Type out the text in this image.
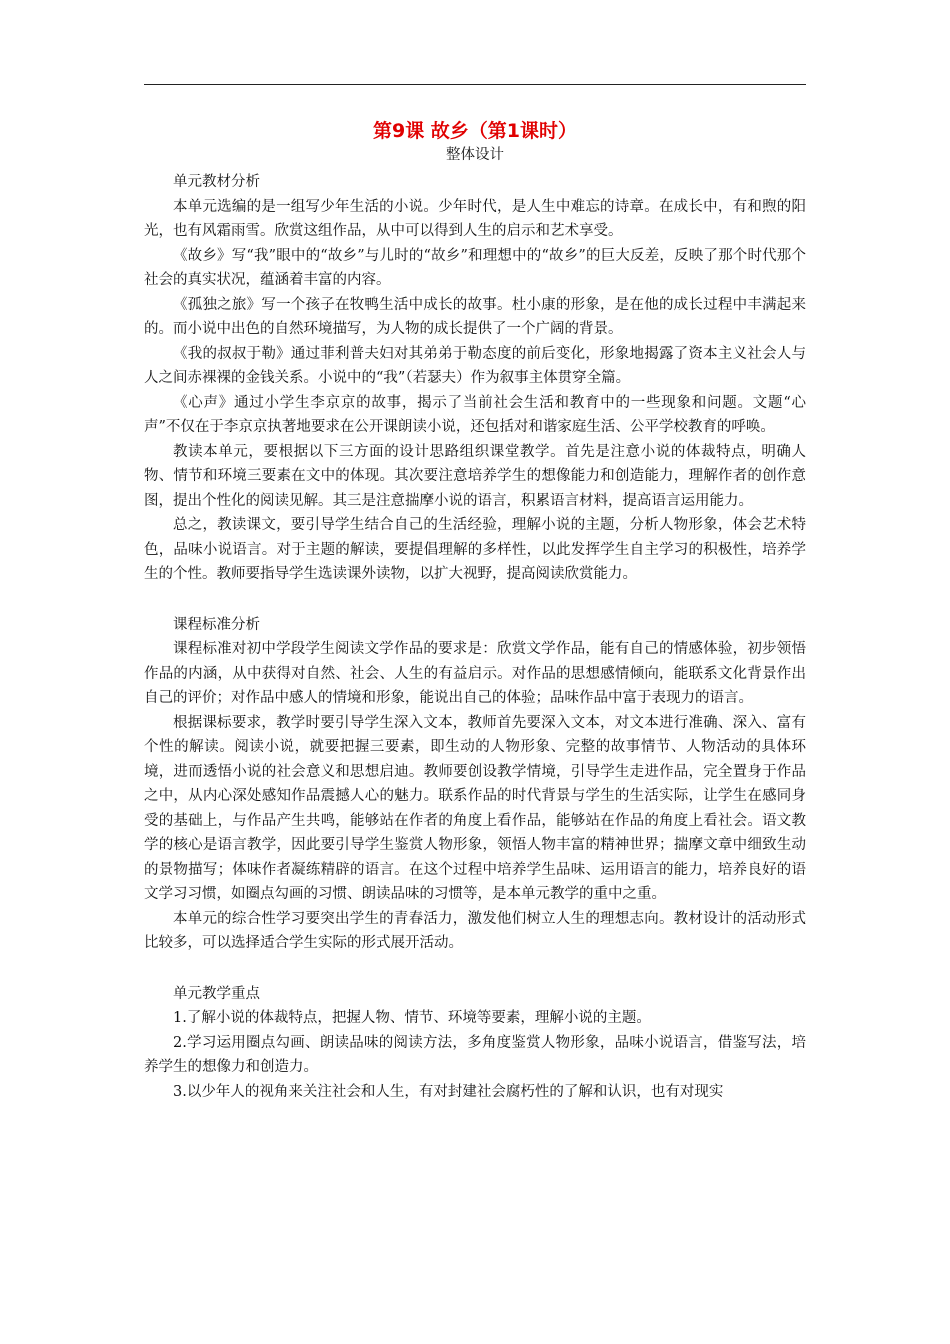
第9课 故乡（第1课时）
整体设计
单元教材分析

本单元选编的是一组写少年生活的小说。少年时代，是人生中难忘的诗章。在成长中，有和煦的阳光，也有风霜雨雪。欣赏这组作品，从中可以得到人生的启示和艺术享受。

《故乡》写“我”眼中的“故乡”与儿时的“故乡”和理想中的“故乡”的巨大反差，反映了那个时代那个社会的真实状况，蕴涵着丰富的内容。

《孤独之旅》写一个孩子在牧鸭生活中成长的故事。杜小康的形象，是在他的成长过程中丰满起来的。而小说中出色的自然环境描写，为人物的成长提供了一个广阔的背景。

《我的叔叔于勒》通过菲利普夫妇对其弟弟于勒态度的前后变化，形象地揭露了资本主义社会人与人之间赤裸裸的金钱关系。小说中的“我”（若瑟夫）作为叙事主体贯穿全篇。

《心声》通过小学生李京京的故事，揭示了当前社会生活和教育中的一些现象和问题。文题“心声”不仅在于李京京执著地要求在公开课朗读小说，还包括对和谐家庭生活、公平学校教育的呼唤。

教读本单元，要根据以下三方面的设计思路组织课堂教学。首先是注意小说的体裁特点，明确人物、情节和环境三要素在文中的体现。其次要注意培养学生的想像能力和创造能力，理解作者的创作意图，提出个性化的阅读见解。其三是注意揣摩小说的语言，积累语言材料，提高语言运用能力。

总之，教读课文，要引导学生结合自己的生活经验，理解小说的主题，分析人物形象，体会艺术特色，品味小说语言。对于主题的解读，要提倡理解的多样性，以此发挥学生自主学习的积极性，培养学生的个性。教师要指导学生选读课外读物，以扩大视野，提高阅读欣赏能力。

课程标准分析

课程标准对初中学段学生阅读文学作品的要求是：欣赏文学作品，能有自己的情感体验，初步领悟作品的内涵，从中获得对自然、社会、人生的有益启示。对作品的思想感情倾向，能联系文化背景作出自己的评价；对作品中感人的情境和形象，能说出自己的体验；品味作品中富于表现力的语言。

根据课标要求，教学时要引导学生深入文本，教师首先要深入文本，对文本进行准确、深入、富有个性的解读。阅读小说，就要把握三要素，即生动的人物形象、完整的故事情节、人物活动的具体环境，进而透悟小说的社会意义和思想启迪。教师要创设教学情境，引导学生走进作品，完全置身于作品之中，从内心深处感知作品震撼人心的魅力。联系作品的时代背景与学生的生活实际，让学生在感同身受的基础上，与作品产生共鸣，能够站在作者的角度上看作品，能够站在作品的角度上看社会。语文教学的核心是语言教学，因此要引导学生鉴赏人物形象，领悟人物丰富的精神世界；揣摩文章中细致生动的景物描写；体味作者凝练精辟的语言。在这个过程中培养学生品味、运用语言的能力，培养良好的语文学习习惯，如圈点勾画的习惯、朗读品味的习惯等，是本单元教学的重中之重。

本单元的综合性学习要突出学生的青春活力，激发他们树立人生的理想志向。教材设计的活动形式比较多，可以选择适合学生实际的形式展开活动。

单元教学重点

1.了解小说的体裁特点，把握人物、情节、环境等要素，理解小说的主题。

2.学习运用圈点勾画、朗读品味的阅读方法，多角度鉴赏人物形象，品味小说语言，借鉴写法，培养学生的想像力和创造力。

3.以少年人的视角来关注社会和人生，有对封建社会腐朽性的了解和认识，也有对现实
